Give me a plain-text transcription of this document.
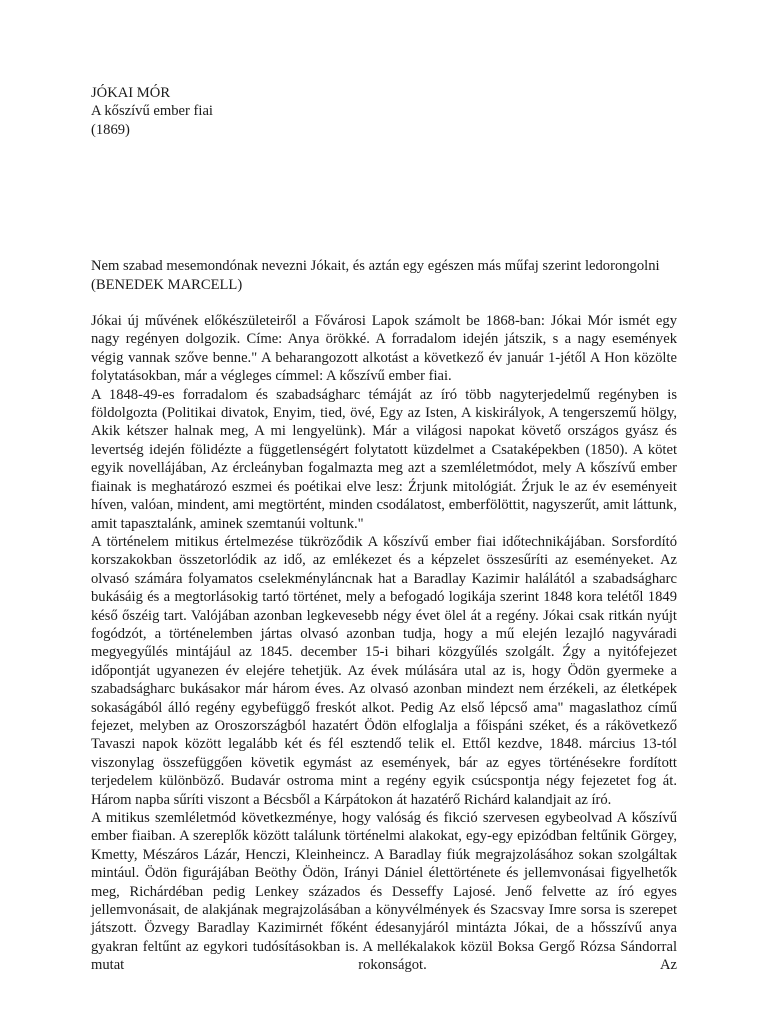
JÓKAI MÓR

A kőszívű ember fiai

(1869)

Nem szabad mesemondónak nevezni Jókait, és aztán egy egészen más műfaj szerint ledorongolni

(BENEDEK MARCELL)

Jókai új művének előkészületeiről a Fővárosi Lapok számolt be 1868-ban: Jókai Mór ismét egy nagy regényen dolgozik. Címe: Anya örökké. A forradalom idején játszik, s a nagy események végig vannak szőve benne." A beharangozott alkotást a következő év január 1-jétől A Hon közölte folytatásokban, már a végleges címmel: A kőszívű ember fiai.

A 1848-49-es forradalom és szabadságharc témáját az író több nagyterjedelmű regényben is földolgozta (Politikai divatok, Enyim, tied, övé, Egy az Isten, A kiskirályok, A tengerszemű hölgy, Akik kétszer halnak meg, A mi lengyelünk). Már a világosi napokat követő országos gyász és levertség idején fölidézte a függetlenségért folytatott küzdelmet a Csataképekben (1850). A kötet egyik novellájában, Az ércleányban fogalmazta meg azt a szemléletmódot, mely A kőszívű ember fiainak is meghatározó eszmei és poétikai elve lesz: Źrjunk mitológiát. Źrjuk le az év eseményeit híven, valóan, mindent, ami megtörtént, minden csodálatost, emberfölöttit, nagyszerűt, amit láttunk, amit tapasztalánk, aminek szemtanúi voltunk."

A történelem mitikus értelmezése tükröződik A kőszívű ember fiai időtechnikájában. Sorsfordító korszakokban összetorlódik az idő, az emlékezet és a képzelet összesűríti az eseményeket. Az olvasó számára folyamatos cselekményláncnak hat a Baradlay Kazimir halálától a szabadságharc bukásáig és a megtorlásokig tartó történet, mely a befogadó logikája szerint 1848 kora telétől 1849 késő őszéig tart. Valójában azonban legkevesebb négy évet ölel át a regény. Jókai csak ritkán nyújt fogódzót, a történelemben jártas olvasó azonban tudja, hogy a mű elején lezajló nagyváradi megyegyűlés mintájául az 1845. december 15-i bihari közgyűlés szolgált. Źgy a nyitófejezet időpontját ugyanezen év elejére tehetjük. Az évek múlására utal az is, hogy Ödön gyermeke a szabadságharc bukásakor már három éves. Az olvasó azonban mindezt nem érzékeli, az életképek sokaságából álló regény egybefüggő freskót alkot. Pedig Az első lépcső ama" magaslathoz című fejezet, melyben az Oroszországból hazatért Ödön elfoglalja a főispáni széket, és a rákövetkező Tavaszi napok között legalább két és fél esztendő telik el. Ettől kezdve, 1848. március 13-tól viszonylag összefüggően követik egymást az események, bár az egyes történésekre fordított terjedelem különböző. Budavár ostroma mint a regény egyik csúcspontja négy fejezetet fog át. Három napba sűríti viszont a Bécsből a Kárpátokon át hazatérő Richárd kalandjait az író.

A mitikus szemléletmód következménye, hogy valóság és fikció szervesen egybeolvad A kőszívű ember fiaiban. A szereplők között találunk történelmi alakokat, egy-egy epizódban feltűnik Görgey, Kmetty, Mészáros Lázár, Henczi, Kleinheincz. A Baradlay fiúk megrajzolásához sokan szolgáltak mintául. Ödön figurájában Beöthy Ödön, Irányi Dániel élettörténete és jellemvonásai figyelhetők meg, Richárdéban pedig Lenkey százados és Desseffy Lajosé. Jenő felvette az író egyes jellemvonásait, de alakjának megrajzolásában a könyvélmények és Szacsvay Imre sorsa is szerepet játszott. Özvegy Baradlay Kazimirnét főként édesanyjáról mintázta Jókai, de a hősszívű anya gyakran feltűnt az egykori tudósításokban is. A mellékalakok közül Boksa Gergő Rózsa Sándorral mutat rokonságot. Az
